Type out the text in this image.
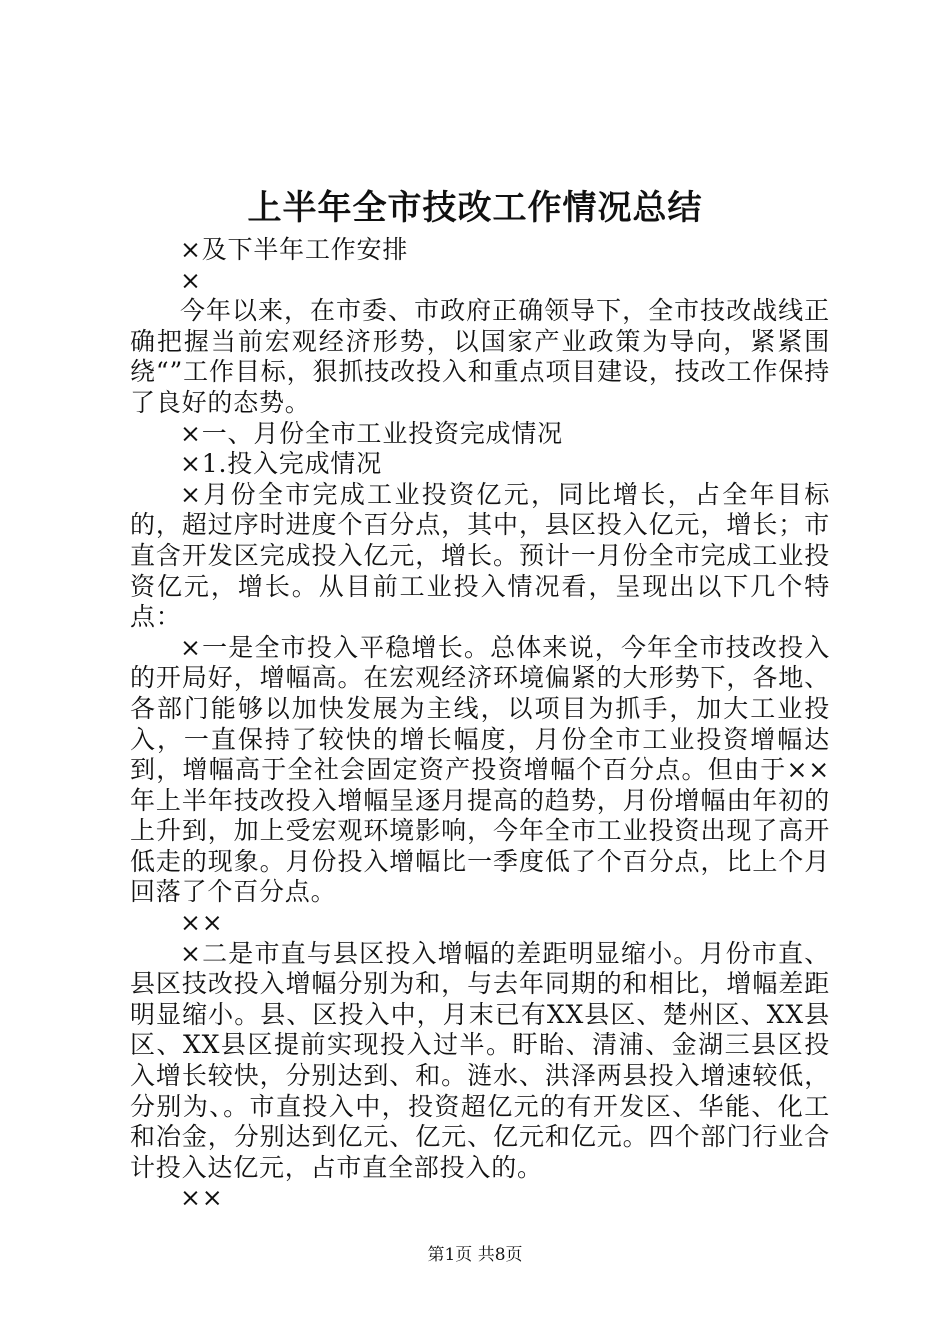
上半年全市技改工作情况总结

×及下半年工作安排

×

今年以来，在市委、市政府正确领导下，全市技改战线正确把握当前宏观经济形势，以国家产业政策为导向，紧紧围绕“”工作目标，狠抓技改投入和重点项目建设，技改工作保持了良好的态势。

×一、月份全市工业投资完成情况

×1.投入完成情况

×月份全市完成工业投资亿元，同比增长，占全年目标的，超过序时进度个百分点，其中，县区投入亿元，增长；市直含开发区完成投入亿元，增长。预计一月份全市完成工业投资亿元，增长。从目前工业投入情况看，呈现出以下几个特点：

×一是全市投入平稳增长。总体来说，今年全市技改投入的开局好，增幅高。在宏观经济环境偏紧的大形势下，各地、各部门能够以加快发展为主线，以项目为抓手，加大工业投入，一直保持了较快的增长幅度，月份全市工业投资增幅达到，增幅高于全社会固定资产投资增幅个百分点。但由于××年上半年技改投入增幅呈逐月提高的趋势，月份增幅由年初的上升到，加上受宏观环境影响，今年全市工业投资出现了高开低走的现象。月份投入增幅比一季度低了个百分点，比上个月回落了个百分点。

××

×二是市直与县区投入增幅的差距明显缩小。月份市直、县区技改投入增幅分别为和，与去年同期的和相比，增幅差距明显缩小。县、区投入中，月末已有XX县区、楚州区、XX县区、XX县区提前实现投入过半。盱眙、清浦、金湖三县区投入增长较快，分别达到、和。涟水、洪泽两县投入增速较低，分别为、。市直投入中，投资超亿元的有开发区、华能、化工和冶金，分别达到亿元、亿元、亿元和亿元。四个部门行业合计投入达亿元，占市直全部投入的。

××

第1页 共8页
